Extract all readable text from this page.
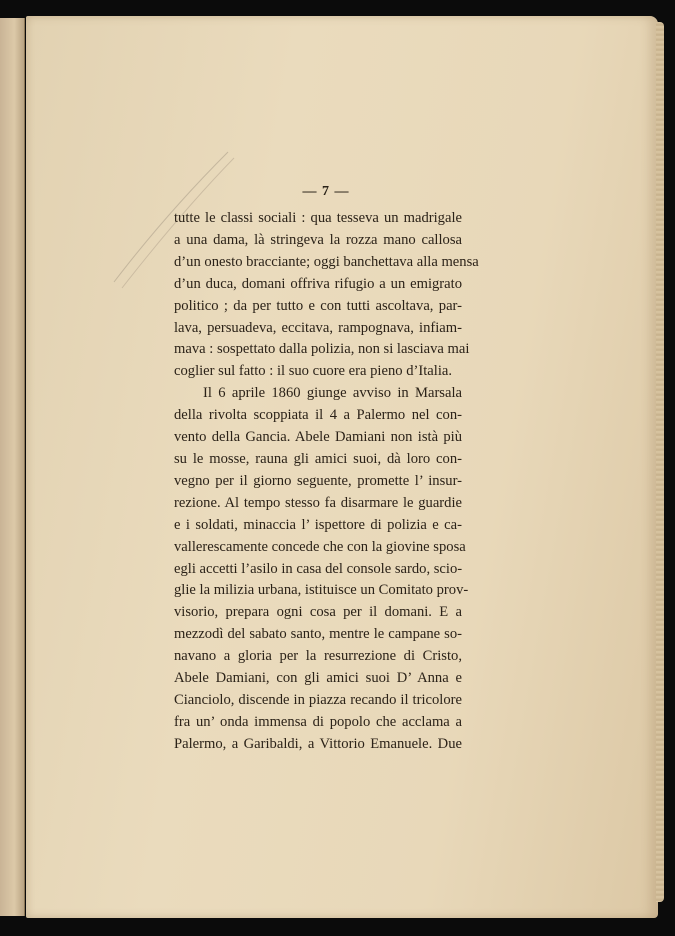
— 7 —
tutte le classi sociali : qua tesseva un madrigale
a una dama, là stringeva la rozza mano callosa
d’un onesto bracciante; oggi banchettava alla mensa
d’un duca, domani offriva rifugio a un emigrato
politico ; da per tutto e con tutti ascoltava, par-
lava, persuadeva, eccitava, rampognava, infiam-
mava : sospettato dalla polizia, non si lasciava mai
coglier sul fatto : il suo cuore era pieno d’Italia.
Il 6 aprile 1860 giunge avviso in Marsala
della rivolta scoppiata il 4 a Palermo nel con-
vento della Gancia. Abele Damiani non istà più
su le mosse, rauna gli amici suoi, dà loro con-
vegno per il giorno seguente, promette l’ insur-
rezione. Al tempo stesso fa disarmare le guardie
e i soldati, minaccia l’ ispettore di polizia e ca-
vallerescamente concede che con la giovine sposa
egli accetti l’asilo in casa del console sardo, scio-
glie la milizia urbana, istituisce un Comitato prov-
visorio, prepara ogni cosa per il domani. E a
mezzodì del sabato santo, mentre le campane so-
navano a gloria per la resurrezione di Cristo,
Abele Damiani, con gli amici suoi D’ Anna e
Cianciolo, discende in piazza recando il tricolore
fra un’ onda immensa di popolo che acclama a
Palermo, a Garibaldi, a Vittorio Emanuele. Due
